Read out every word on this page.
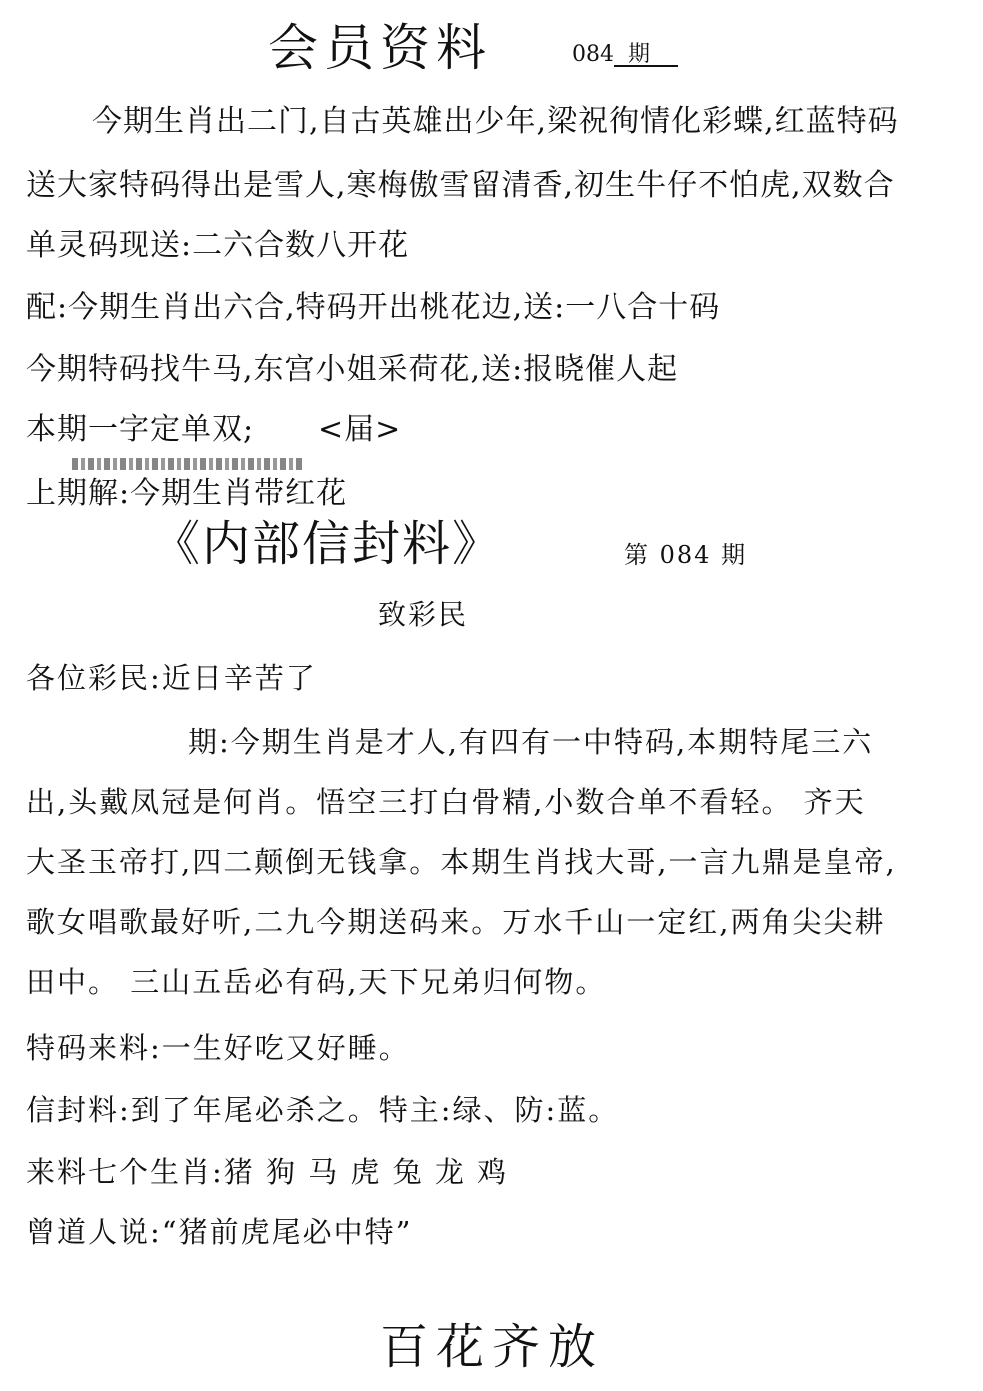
会员资料	084 期
今期生肖出二门,自古英雄出少年,梁祝徇情化彩蝶,红蓝特码
送大家特码得出是雪人,寒梅傲雪留清香,初生牛仔不怕虎,双数合
单灵码现送:二六合数八开花
配:今期生肖出六合,特码开出桃花边,送:一八合十码
今期特码找牛马,东宫小姐采荷花,送:报晓催人起
本期一字定单双; <届>
上期解:今期生肖带红花
《内部信封料》	第 084 期
致彩民
各位彩民:近日辛苦了
期:今期生肖是才人,有四有一中特码,本期特尾三六
出,头戴凤冠是何肖。悟空三打白骨精,小数合单不看轻。 齐天
大圣玉帝打,四二颠倒无钱拿。本期生肖找大哥,一言九鼎是皇帝,
歌女唱歌最好听,二九今期送码来。万水千山一定红,两角尖尖耕
田中。 三山五岳必有码,天下兄弟归何物。
特码来料:一生好吃又好睡。
信封料:到了年尾必杀之。特主:绿、防:蓝。
来料七个生肖:猪 狗 马 虎 兔 龙 鸡
曾道人说:“猪前虎尾必中特”
百花齐放
